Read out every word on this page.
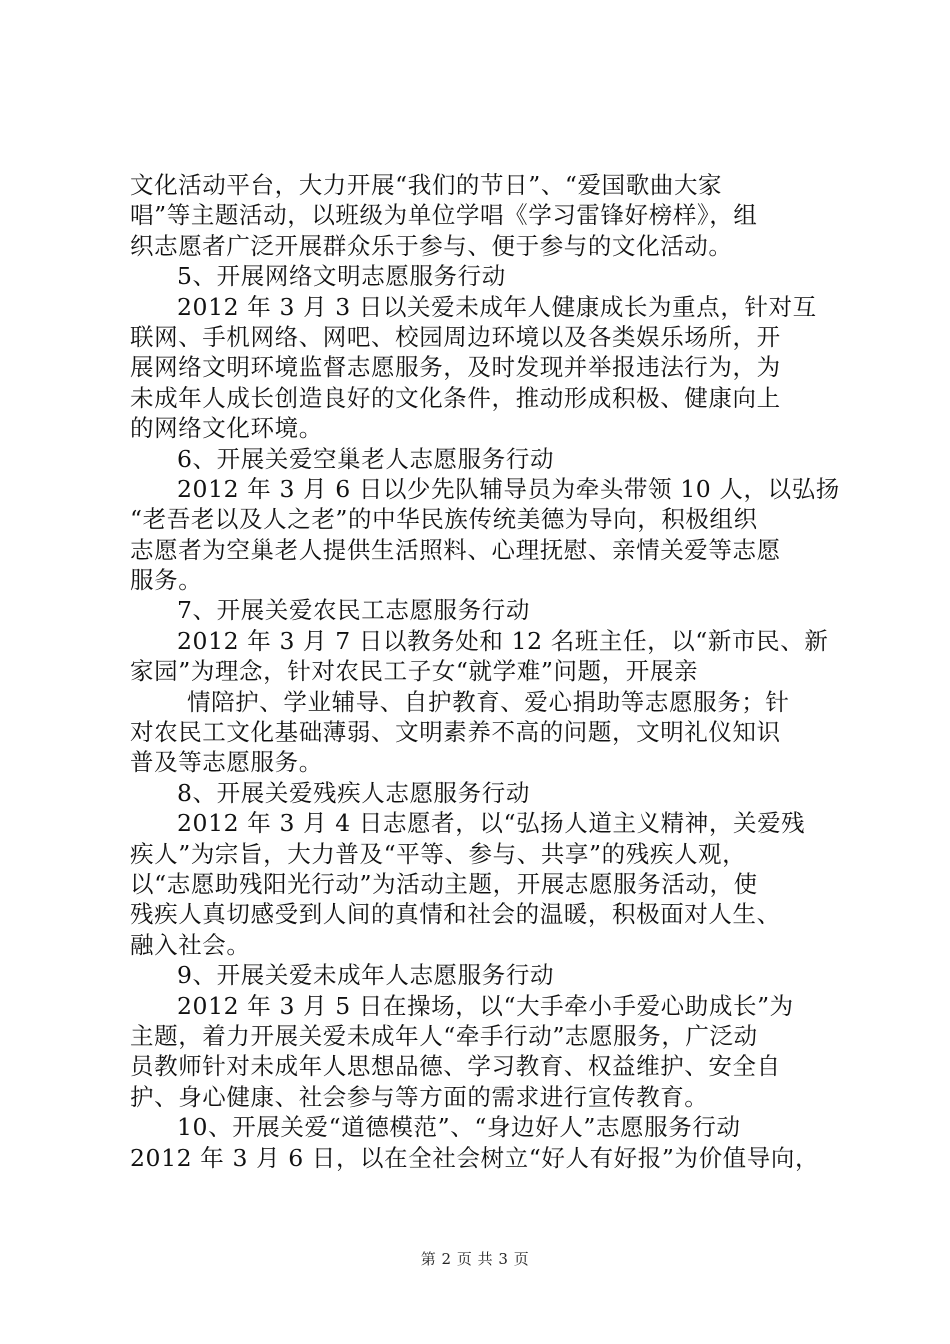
文化活动平台，大力开展“我们的节日”、“爱国歌曲大家
唱”等主题活动，以班级为单位学唱《学习雷锋好榜样》，组
织志愿者广泛开展群众乐于参与、便于参与的文化活动。
5、开展网络文明志愿服务行动
2012 年 3 月 3 日以关爱未成年人健康成长为重点，针对互
联网、手机网络、网吧、校园周边环境以及各类娱乐场所，开
展网络文明环境监督志愿服务，及时发现并举报违法行为，为
未成年人成长创造良好的文化条件，推动形成积极、健康向上
的网络文化环境。
6、开展关爱空巢老人志愿服务行动
2012 年 3 月 6 日以少先队辅导员为牵头带领 10 人，以弘扬
“老吾老以及人之老”的中华民族传统美德为导向，积极组织
志愿者为空巢老人提供生活照料、心理抚慰、亲情关爱等志愿
服务。
7、开展关爱农民工志愿服务行动
2012 年 3 月 7 日以教务处和 12 名班主任，以“新市民、新
家园”为理念，针对农民工子女“就学难”问题，开展亲
情陪护、学业辅导、自护教育、爱心捐助等志愿服务；针
对农民工文化基础薄弱、文明素养不高的问题，文明礼仪知识
普及等志愿服务。
8、开展关爱残疾人志愿服务行动
2012 年 3 月 4 日志愿者，以“弘扬人道主义精神，关爱残
疾人”为宗旨，大力普及“平等、参与、共享”的残疾人观，
以“志愿助残阳光行动”为活动主题，开展志愿服务活动，使
残疾人真切感受到人间的真情和社会的温暖，积极面对人生、
融入社会。
9、开展关爱未成年人志愿服务行动
2012 年 3 月 5 日在操场，以“大手牵小手爱心助成长”为
主题，着力开展关爱未成年人“牵手行动”志愿服务，广泛动
员教师针对未成年人思想品德、学习教育、权益维护、安全自
护、身心健康、社会参与等方面的需求进行宣传教育。
10、开展关爱“道德模范”、“身边好人”志愿服务行动
2012 年 3 月 6 日，以在全社会树立“好人有好报”为价值导向，
第 2 页 共 3 页
